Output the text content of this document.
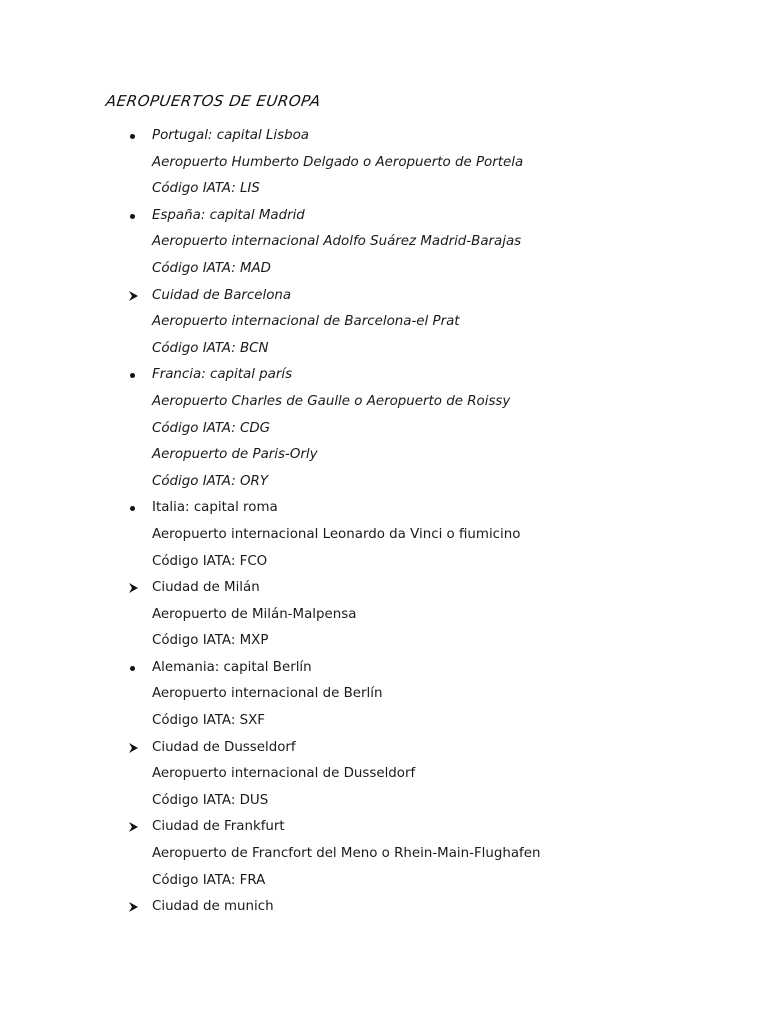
AEROPUERTOS DE EUROPA
Portugal: capital Lisboa
Aeropuerto Humberto Delgado o Aeropuerto de Portela
Código IATA: LIS
España: capital Madrid
Aeropuerto internacional Adolfo Suárez Madrid-Barajas
Código IATA: MAD
Cuidad de Barcelona
Aeropuerto internacional de Barcelona-el Prat
Código IATA: BCN
Francia: capital parís
Aeropuerto Charles de Gaulle o Aeropuerto de Roissy
Código IATA: CDG
Aeropuerto de Paris-Orly
Código IATA: ORY
Italia: capital roma
Aeropuerto internacional Leonardo da Vinci o fiumicino
Código IATA: FCO
Ciudad de Milán
Aeropuerto de Milán-Malpensa
Código IATA: MXP
Alemania: capital Berlín
Aeropuerto internacional de Berlín
Código IATA: SXF
Ciudad de Dusseldorf
Aeropuerto internacional de Dusseldorf
Código IATA: DUS
Ciudad de Frankfurt
Aeropuerto de Francfort del Meno o Rhein-Main-Flughafen
Código IATA: FRA
Ciudad de munich
